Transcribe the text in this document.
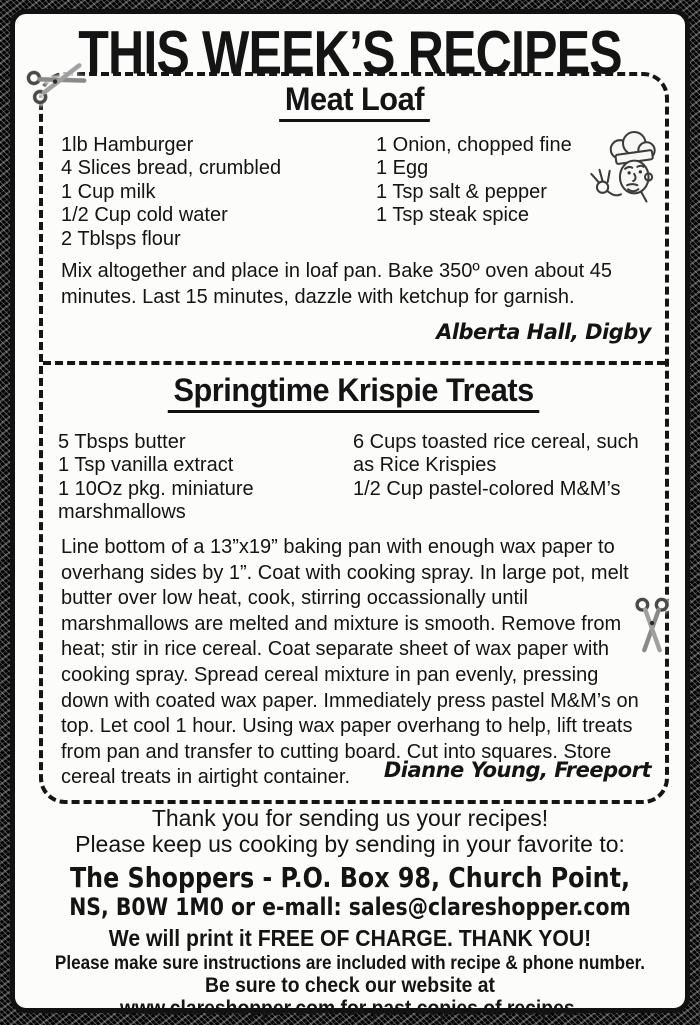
THIS WEEK’S RECIPES
Meat Loaf
1lb Hamburger
4 Slices bread, crumbled
1 Cup milk
1/2 Cup cold water
2 Tblsps flour
1 Onion, chopped fine
1 Egg
1 Tsp salt & pepper
1 Tsp steak spice

Mix altogether and place in loaf pan. Bake 350º oven about 45 minutes. Last 15 minutes, dazzle with ketchup for garnish.

Alberta Hall, Digby
Springtime Krispie Treats
5 Tbsps butter
1 Tsp vanilla extract
1 10Oz pkg. miniature marshmallows
6 Cups toasted rice cereal, such as Rice Krispies
1/2 Cup pastel-colored M&M’s

Line bottom of a 13”x19” baking pan with enough wax paper to overhang sides by 1”. Coat with cooking spray. In large pot, melt butter over low heat, cook, stirring occassionally until marshmallows are melted and mixture is smooth. Remove from heat; stir in rice cereal. Coat separate sheet of wax paper with cooking spray. Spread cereal mixture in pan evenly, pressing down with coated wax paper. Immediately press pastel M&M’s on top. Let cool 1 hour. Using wax paper overhang to help, lift treats from pan and transfer to cutting board. Cut into squares. Store cereal treats in airtight container.	Dianne Young, Freeport
Thank you for sending us your recipes!
Please keep us cooking by sending in your favorite to:
The Shoppers - P.O. Box 98, Church Point,
NS, B0W 1M0 or e-mall: sales@clareshopper.com
We will print it FREE OF CHARGE. THANK YOU!
Please make sure instructions are included with recipe & phone number.
Be sure to check our website at
www.clareshopper.com for past copies of recipes.
